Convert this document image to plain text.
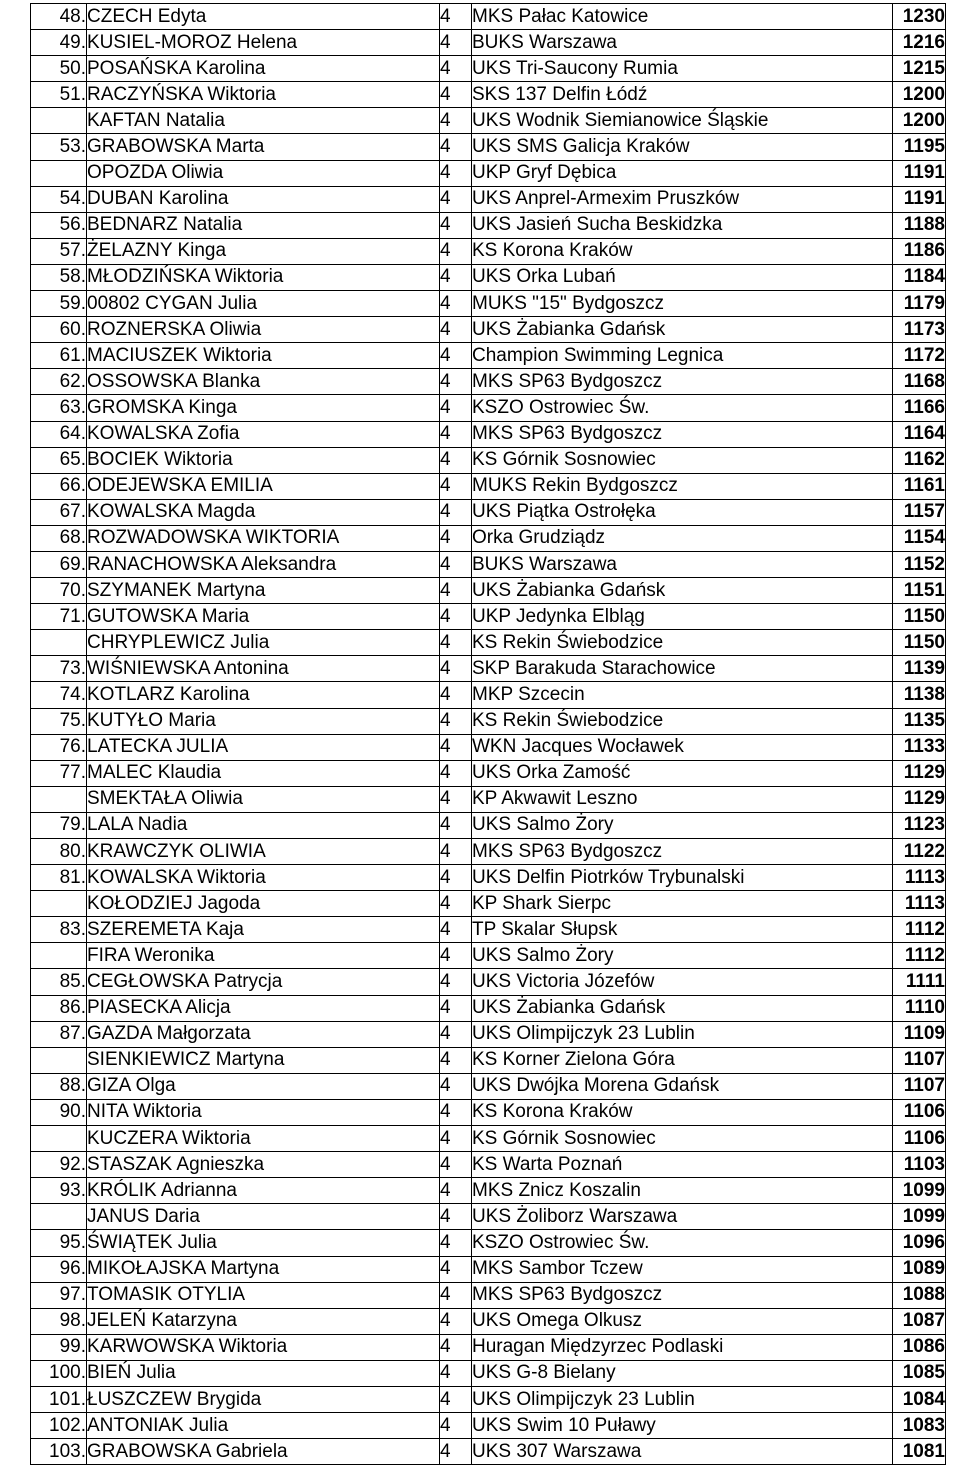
48.	CZECH Edyta	4	MKS Pałac Katowice	1230
49.	KUSIEL-MOROZ Helena	4	BUKS Warszawa	1216
50.	POSAŃSKA Karolina	4	UKS Tri-Saucony Rumia	1215
51.	RACZYŃSKA Wiktoria	4	SKS 137 Delfin Łódź	1200
	KAFTAN Natalia	4	UKS Wodnik Siemianowice Śląskie	1200
53.	GRABOWSKA Marta	4	UKS SMS Galicja Kraków	1195
	OPOZDA Oliwia	4	UKP Gryf Dębica	1191
54.	DUBAN Karolina	4	UKS Anprel-Armexim Pruszków	1191
56.	BEDNARZ Natalia	4	UKS Jasień Sucha Beskidzka	1188
57.	ŻELAZNY Kinga	4	KS Korona Kraków	1186
58.	MŁODZIŃSKA Wiktoria	4	UKS Orka Lubań	1184
59.	00802 CYGAN Julia	4	MUKS "15" Bydgoszcz	1179
60.	ROZNERSKA Oliwia	4	UKS Żabianka Gdańsk	1173
61.	MACIUSZEK Wiktoria	4	Champion Swimming Legnica	1172
62.	OSSOWSKA Blanka	4	MKS SP63 Bydgoszcz	1168
63.	GROMSKA Kinga	4	KSZO Ostrowiec Św.	1166
64.	KOWALSKA Zofia	4	MKS SP63 Bydgoszcz	1164
65.	BOCIEK Wiktoria	4	KS Górnik Sosnowiec	1162
66.	ODEJEWSKA EMILIA	4	MUKS Rekin Bydgoszcz	1161
67.	KOWALSKA Magda	4	UKS Piątka Ostrołęka	1157
68.	ROZWADOWSKA WIKTORIA	4	Orka Grudziądz	1154
69.	RANACHOWSKA Aleksandra	4	BUKS Warszawa	1152
70.	SZYMANEK Martyna	4	UKS Żabianka Gdańsk	1151
71.	GUTOWSKA Maria	4	UKP Jedynka Elbląg	1150
	CHRYPLEWICZ Julia	4	KS Rekin Świebodzice	1150
73.	WIŚNIEWSKA Antonina	4	SKP Barakuda Starachowice	1139
74.	KOTLARZ Karolina	4	MKP Szcecin	1138
75.	KUTYŁO Maria	4	KS Rekin Świebodzice	1135
76.	LATECKA JULIA	4	WKN Jacques Wocławek	1133
77.	MALEC Klaudia	4	UKS Orka Zamość	1129
	SMEKTAŁA Oliwia	4	KP Akwawit Leszno	1129
79.	LALA Nadia	4	UKS Salmo Żory	1123
80.	KRAWCZYK OLIWIA	4	MKS SP63 Bydgoszcz	1122
81.	KOWALSKA Wiktoria	4	UKS Delfin Piotrków Trybunalski	1113
	KOŁODZIEJ Jagoda	4	KP Shark Sierpc	1113
83.	SZEREMETA Kaja	4	TP Skalar Słupsk	1112
	FIRA Weronika	4	UKS Salmo Żory	1112
85.	CEGŁOWSKA Patrycja	4	UKS Victoria Józefów	1111
86.	PIASECKA Alicja	4	UKS Żabianka Gdańsk	1110
87.	GAZDA Małgorzata	4	UKS Olimpijczyk 23 Lublin	1109
	SIENKIEWICZ Martyna	4	KS Korner Zielona Góra	1107
88.	GIZA Olga	4	UKS Dwójka Morena Gdańsk	1107
90.	NITA Wiktoria	4	KS Korona Kraków	1106
	KUCZERA Wiktoria	4	KS Górnik Sosnowiec	1106
92.	STASZAK Agnieszka	4	KS Warta Poznań	1103
93.	KRÓLIK Adrianna	4	MKS Znicz Koszalin	1099
	JANUS Daria	4	UKS Żoliborz Warszawa	1099
95.	ŚWIĄTEK Julia	4	KSZO Ostrowiec Św.	1096
96.	MIKOŁAJSKA Martyna	4	MKS Sambor Tczew	1089
97.	TOMASIK OTYLIA	4	MKS SP63 Bydgoszcz	1088
98.	JELEŃ Katarzyna	4	UKS Omega Olkusz	1087
99.	KARWOWSKA Wiktoria	4	Huragan Międzyrzec Podlaski	1086
100.	BIEŃ Julia	4	UKS G-8 Bielany	1085
101.	ŁUSZCZEW Brygida	4	UKS Olimpijczyk 23 Lublin	1084
102.	ANTONIAK Julia	4	UKS Swim 10 Puławy	1083
103.	GRABOWSKA Gabriela	4	UKS 307 Warszawa	1081
